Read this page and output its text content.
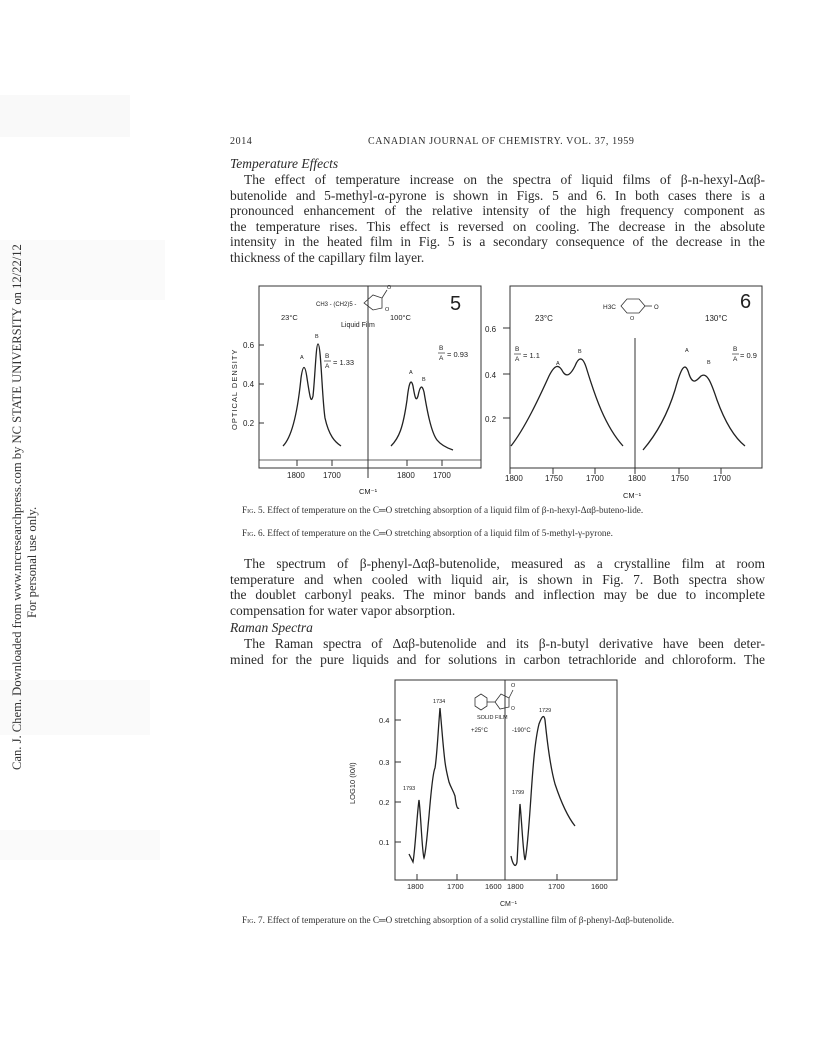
Can. J. Chem. Downloaded from www.nrcresearchpress.com by NC STATE UNIVERSITY on 12/22/12 For personal use only.
2014	CANADIAN JOURNAL OF CHEMISTRY. VOL. 37, 1959
Temperature Effects
The effect of temperature increase on the spectra of liquid films of β-n-hexyl-Δαβ-
butenolide and 5-methyl-α-pyrone is shown in Figs. 5 and 6. In both cases there is a
pronounced enhancement of the relative intensity of the high frequency component as
the temperature rises. This effect is reversed on cooling. The decrease in the absolute
intensity in the heated film in Fig. 5 is a secondary consequence of the decrease in the
thickness of the capillary film layer.
0.6
0.4
0.2
OPTICAL DENSITY
1800 1700	1800 1700
CM⁻¹
CH3 - (CH2)5 -
O
O
Liquid Film
23°C	100°C
5
B
A = 1.33
B
A = 0.93
A
B
A
B
0.6
0.4
0.2
1800	1750	1700	1800	1750	1700
CM⁻¹
H3C	O
O
23°C	130°C
6
B
A = 1.1
B
A = 0.9
A
B	A
B
Fig. 5. Effect of temperature on the C═O stretching absorption of a liquid film of β-n-hexyl-Δαβ-buteno-lide.
Fig. 6. Effect of temperature on the C═O stretching absorption of a liquid film of 5-methyl-γ-pyrone.
The spectrum of β-phenyl-Δαβ-butenolide, measured as a crystalline film at room
temperature and when cooled with liquid air, is shown in Fig. 7. Both spectra show
the doublet carbonyl peaks. The minor bands and inflection may be due to incomplete
compensation for water vapor absorption.
Raman Spectra
The Raman spectra of Δαβ-butenolide and its β-n-butyl derivative have been deter-
mined for the pure liquids and for solutions in carbon tetrachloride and chloroform. The
0.4
0.3
0.2
0.1
LOG10 (I0/I)
1800	1700	1600 1800	1700	1600
CM⁻¹
O
O
SOLID FILM
+25°C	-190°C
1734
1793
1729
1799
Fig. 7. Effect of temperature on the C═O stretching absorption of a solid crystalline film of β-phenyl-Δαβ-butenolide.
